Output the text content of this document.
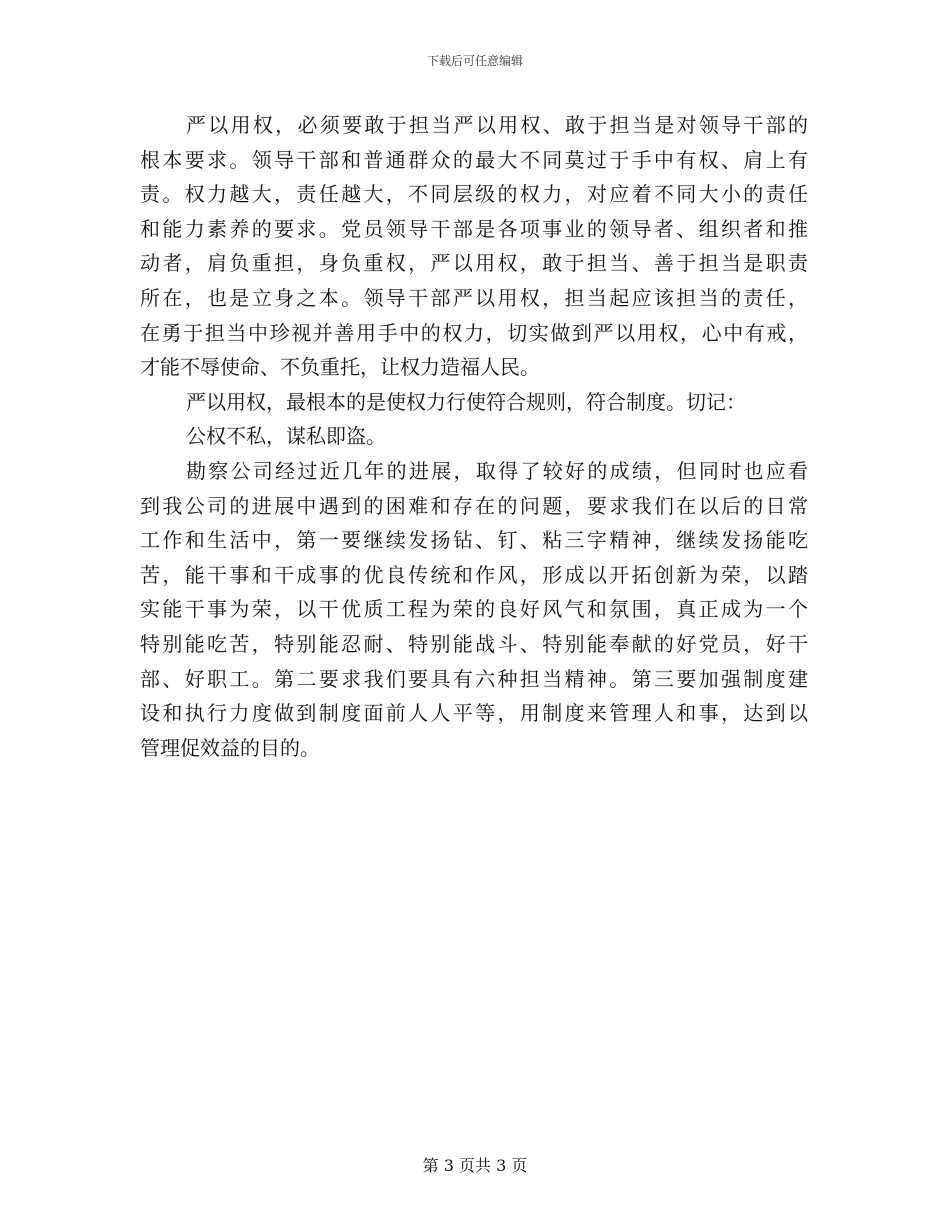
下载后可任意编辑
严以用权，必须要敢于担当严以用权、敢于担当是对领导干部的
根本要求。领导干部和普通群众的最大不同莫过于手中有权、肩上有
责。权力越大，责任越大，不同层级的权力，对应着不同大小的责任
和能力素养的要求。党员领导干部是各项事业的领导者、组织者和推
动者，肩负重担，身负重权，严以用权，敢于担当、善于担当是职责
所在，也是立身之本。领导干部严以用权，担当起应该担当的责任，
在勇于担当中珍视并善用手中的权力，切实做到严以用权，心中有戒，
才能不辱使命、不负重托，让权力造福人民。
严以用权，最根本的是使权力行使符合规则，符合制度。切记：
公权不私，谋私即盗。
勘察公司经过近几年的进展，取得了较好的成绩，但同时也应看
到我公司的进展中遇到的困难和存在的问题，要求我们在以后的日常
工作和生活中，第一要继续发扬钻、钉、粘三字精神，继续发扬能吃
苦，能干事和干成事的优良传统和作风，形成以开拓创新为荣，以踏
实能干事为荣，以干优质工程为荣的良好风气和氛围，真正成为一个
特别能吃苦，特别能忍耐、特别能战斗、特别能奉献的好党员，好干
部、好职工。第二要求我们要具有六种担当精神。第三要加强制度建
设和执行力度做到制度面前人人平等，用制度来管理人和事，达到以
管理促效益的目的。
第 3 页共 3 页
